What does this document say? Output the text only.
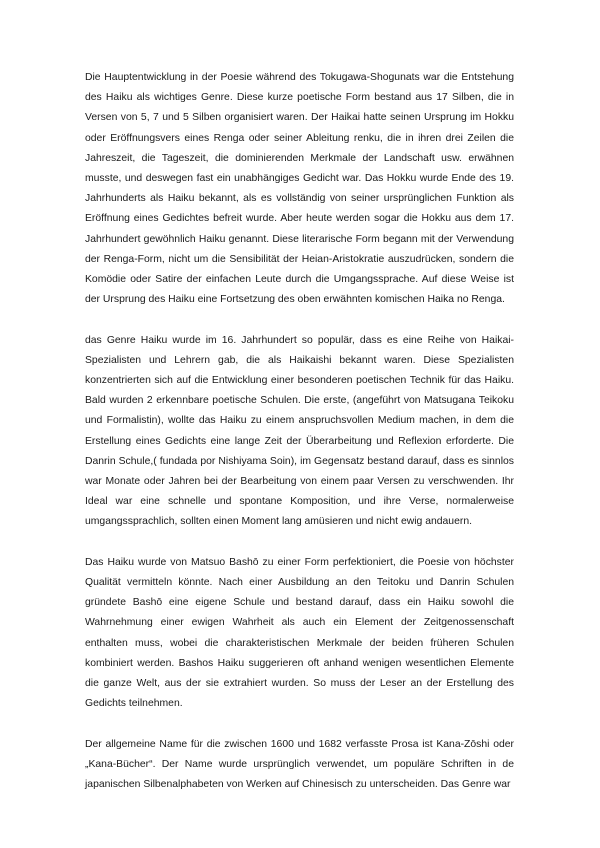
Die Hauptentwicklung in der Poesie während des Tokugawa-Shogunats war die Entstehung des Haiku als wichtiges Genre. Diese kurze poetische Form bestand aus 17 Silben, die in Versen von 5, 7 und 5 Silben organisiert waren. Der Haikai hatte seinen Ursprung im Hokku oder Eröffnungsvers eines Renga oder seiner Ableitung renku, die in ihren drei Zeilen die Jahreszeit, die Tageszeit, die dominierenden Merkmale der Landschaft usw. erwähnen musste, und deswegen fast ein unabhängiges Gedicht war. Das Hokku wurde Ende des 19. Jahrhunderts als Haiku bekannt, als es vollständig von seiner ursprünglichen Funktion als Eröffnung eines Gedichtes befreit wurde. Aber heute werden sogar die Hokku aus dem 17. Jahrhundert gewöhnlich Haiku genannt. Diese literarische Form begann mit der Verwendung der Renga-Form, nicht um die Sensibilität der Heian-Aristokratie auszudrücken, sondern die Komödie oder Satire der einfachen Leute durch die Umgangssprache. Auf diese Weise ist der Ursprung des Haiku eine Fortsetzung des oben erwähnten komischen Haika no Renga.

das Genre Haiku wurde im 16. Jahrhundert so populär, dass es eine Reihe von Haikai-Spezialisten und Lehrern gab, die als Haikaishi bekannt waren. Diese Spezialisten konzentrierten sich auf die Entwicklung einer besonderen poetischen Technik für das Haiku. Bald wurden 2 erkennbare poetische Schulen. Die erste, (angeführt von Matsugana Teikoku und Formalistin), wollte das Haiku zu einem anspruchsvollen Medium machen, in dem die Erstellung eines Gedichts eine lange Zeit der Überarbeitung und Reflexion erforderte. Die Danrin Schule,( fundada por Nishiyama Soin), im Gegensatz bestand darauf, dass es sinnlos war Monate oder Jahren bei der Bearbeitung von einem paar Versen zu verschwenden. Ihr Ideal war eine schnelle und spontane Komposition, und ihre Verse, normalerweise umgangssprachlich, sollten einen Moment lang amüsieren und nicht ewig andauern.

Das Haiku wurde von Matsuo Bashō zu einer Form perfektioniert, die Poesie von höchster Qualität vermitteln könnte. Nach einer Ausbildung an den Teitoku und Danrin Schulen gründete Bashō eine eigene Schule und bestand darauf, dass ein Haiku sowohl die Wahrnehmung einer ewigen Wahrheit als auch ein Element der Zeitgenossenschaft enthalten muss, wobei die charakteristischen Merkmale der beiden früheren Schulen kombiniert werden. Bashos Haiku suggerieren oft anhand wenigen wesentlichen Elemente die ganze Welt, aus der sie extrahiert wurden. So muss der Leser an der Erstellung des Gedichts teilnehmen.

Der allgemeine Name für die zwischen 1600 und 1682 verfasste Prosa ist Kana-Zōshi oder „Kana-Bücher“. Der Name wurde ursprünglich verwendet, um populäre Schriften in de japanischen Silbenalphabeten von Werken auf Chinesisch zu unterscheiden. Das Genre war
